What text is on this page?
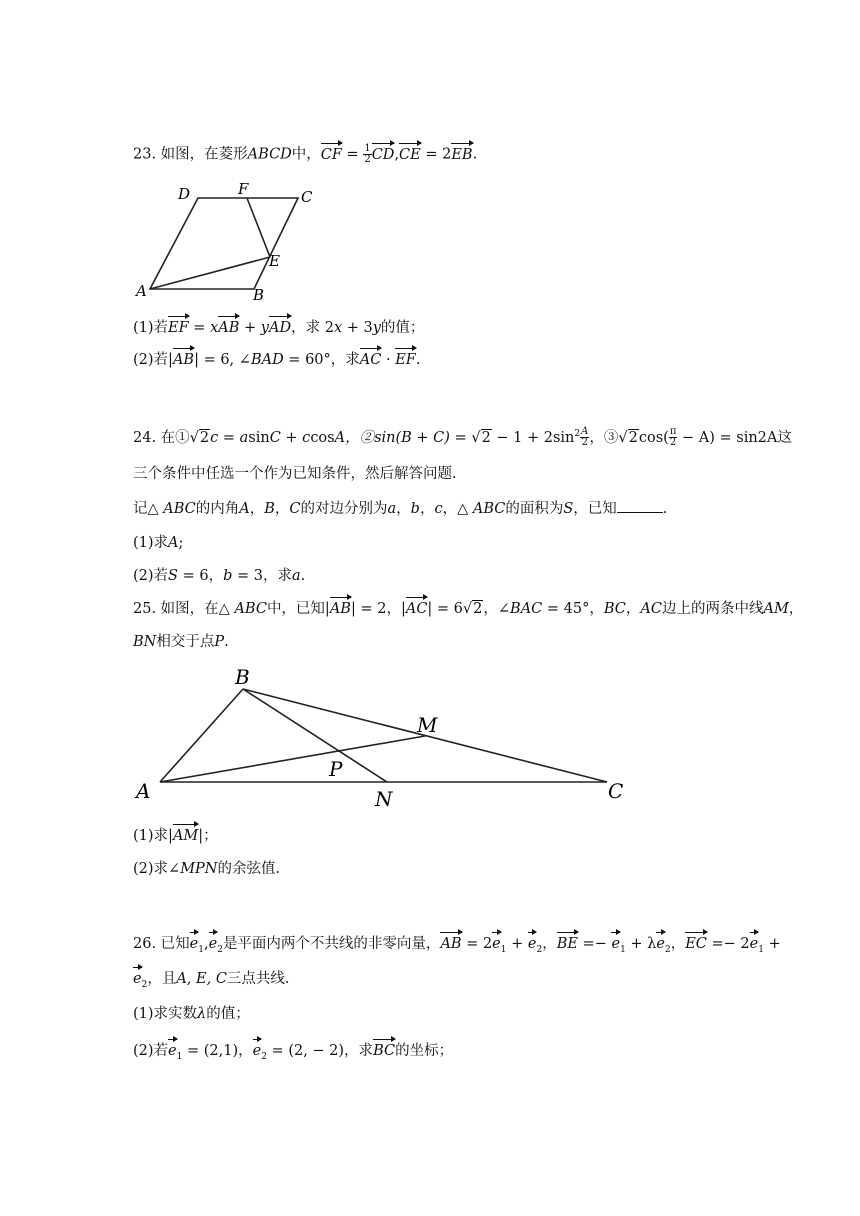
23. 如图，在菱形ABCD中，CF = $\frac{1}{2} CD,CE = 2EB$.
A	B
C
D
E
F
(1)若EF = xAB + yAD，求 2x + 3y的值；
(2)若|AB| = 6, ∠BAD = 60°，求AC · EF.
24. 在①√2c = asinC + ccosA，②sin(B + $C) = √2 - 1 + 2\sin^2 \frac{A}{2}$ ，③√2cos( $\frac{\pi}{2} - A) = \sin 2A$这
三个条件中任选一个作为已知条件，然后解答问题.
记△ ABC的内角A，B，C的对边分别为a，b，c，△ ABC的面积为S，已知	.
(1)求A;
(2)若S = 6，b = 3，求a.
25. 如图，在△ ABC中，已知|AB| = 2，|AC| = 6√2，∠BAC = 45°，BC，AC边上的两条中线AM，
BN相交于点P.
A
B
C
M
N
P
(1)求|AM|；
(2)求∠MPN的余弦值.
26. 已知$e_1,e_2$是平面内两个不共线的非零向量，AB = $2e_1 + e_2$，BE =− $e_1 + \lambda e_2$，EC =− $2e_1$ +
$e_2$，且A, E, C三点共线.
(1)求实数λ的值；
(2)若$e_1 = (2,1)$，$e_2 = (2$, − 2)，求BC的坐标；
